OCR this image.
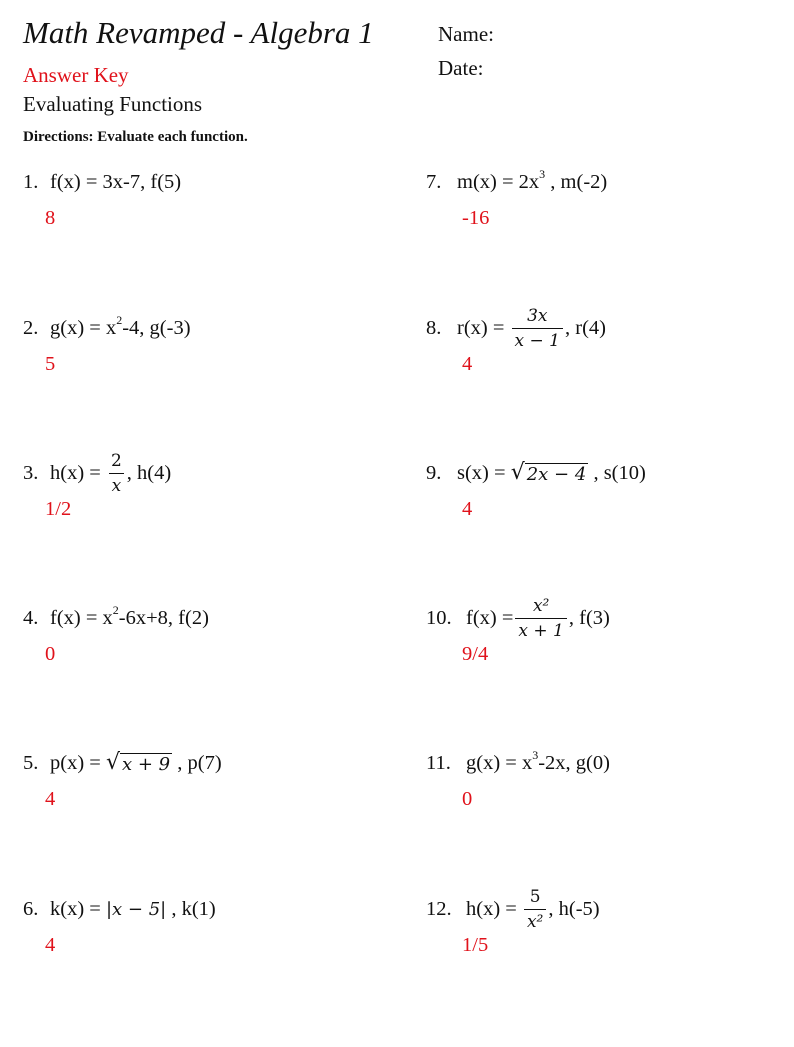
Math Revamped - Algebra 1	Name:
Date:
Answer Key
Evaluating Functions
Directions: Evaluate each function.
1. f(x) = 3x-7, f(5)
8
2. $g(x) = x^2$ -4, g(-3)
5
3. $h(x) = \frac{2}{x}$ , h(4)
1/2
4. $f(x) = x^2$ -6x+8, f(2)
0
5. p(x) = √ x + 9 , p(7)
4
6. k(x) = |x − 5| , k(1)
4
7. $m(x) = 2x^3$ , m(-2)
-16
8. $r(x) = \frac{3x}{x - 1}$ , r(4)
4
9. s(x) = √ 2x − 4 , s(10)
4
10. $f(x) = \frac{\text{x²}}{x + 1}$ , f(3)
9/4
11. $g(x) = x^3$ -2x, g(0)
0
12. $h(x) = \frac{5}{\text{x²}}$ , h(-5)
1/5
